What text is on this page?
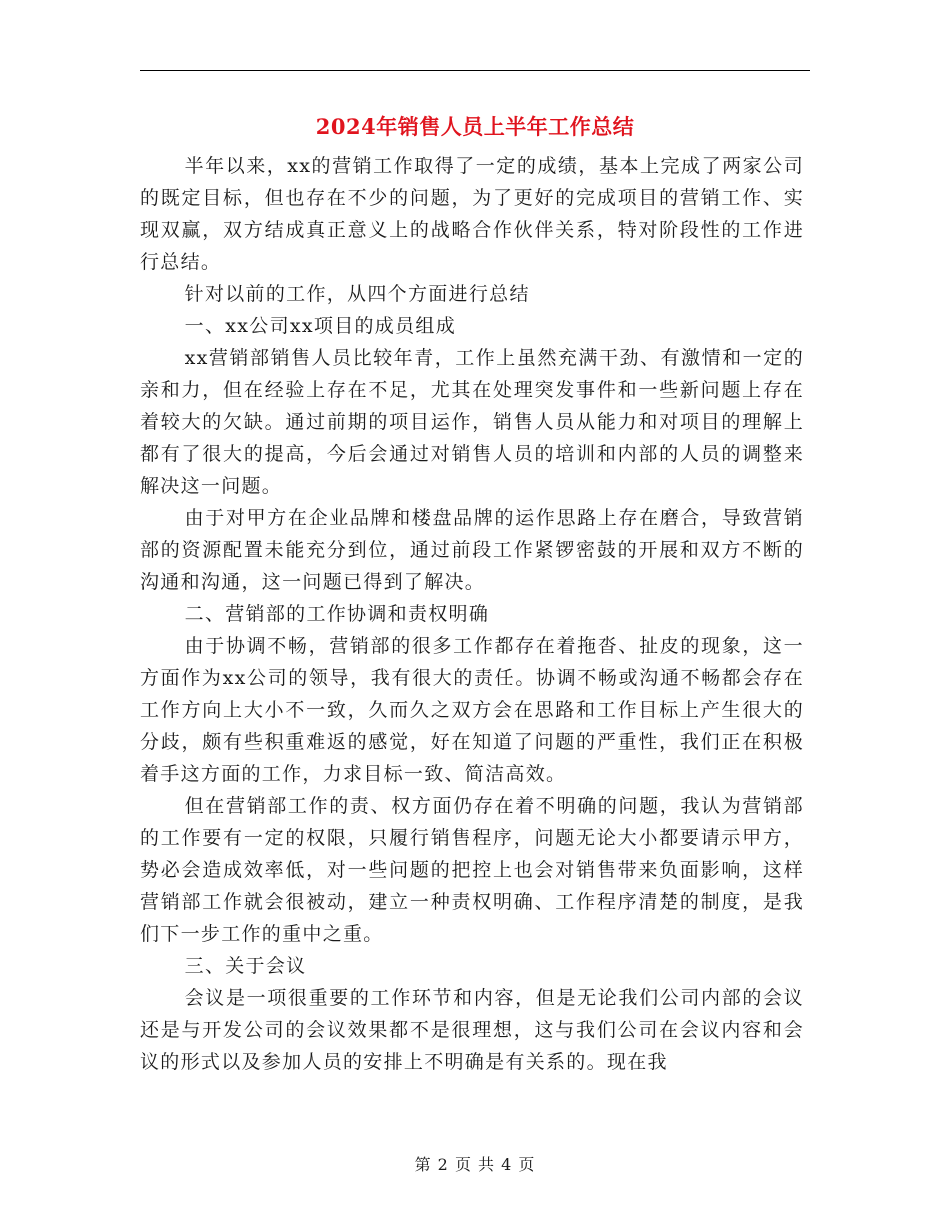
2024年销售人员上半年工作总结

半年以来，xx的营销工作取得了一定的成绩，基本上完成了两家公司的既定目标，但也存在不少的问题，为了更好的完成项目的营销工作、实现双赢，双方结成真正意义上的战略合作伙伴关系，特对阶段性的工作进行总结。

针对以前的工作，从四个方面进行总结

一、xx公司xx项目的成员组成

xx营销部销售人员比较年青，工作上虽然充满干劲、有激情和一定的亲和力，但在经验上存在不足，尤其在处理突发事件和一些新问题上存在着较大的欠缺。通过前期的项目运作，销售人员从能力和对项目的理解上都有了很大的提高，今后会通过对销售人员的培训和内部的人员的调整来解决这一问题。

由于对甲方在企业品牌和楼盘品牌的运作思路上存在磨合，导致营销部的资源配置未能充分到位，通过前段工作紧锣密鼓的开展和双方不断的沟通和沟通，这一问题已得到了解决。

二、营销部的工作协调和责权明确

由于协调不畅，营销部的很多工作都存在着拖沓、扯皮的现象，这一方面作为xx公司的领导，我有很大的责任。协调不畅或沟通不畅都会存在工作方向上大小不一致，久而久之双方会在思路和工作目标上产生很大的分歧，颇有些积重难返的感觉，好在知道了问题的严重性，我们正在积极着手这方面的工作，力求目标一致、简洁高效。

但在营销部工作的责、权方面仍存在着不明确的问题，我认为营销部的工作要有一定的权限，只履行销售程序，问题无论大小都要请示甲方，势必会造成效率低，对一些问题的把控上也会对销售带来负面影响，这样营销部工作就会很被动，建立一种责权明确、工作程序清楚的制度，是我们下一步工作的重中之重。

三、关于会议

会议是一项很重要的工作环节和内容，但是无论我们公司内部的会议还是与开发公司的会议效果都不是很理想，这与我们公司在会议内容和会议的形式以及参加人员的安排上不明确是有关系的。现在我

第 2 页 共 4 页
